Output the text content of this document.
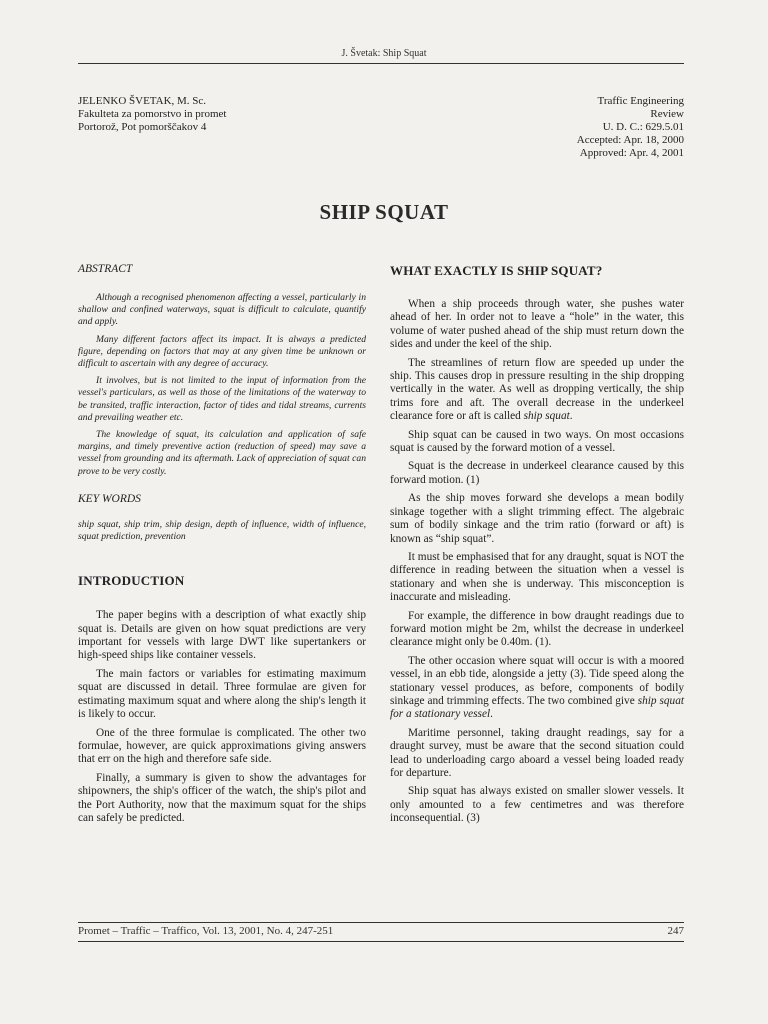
J. Švetak: Ship Squat
JELENKO ŠVETAK, M. Sc.
Fakulteta za pomorstvo in promet
Portorož, Pot pomorščakov 4
Traffic Engineering
Review
U. D. C.: 629.5.01
Accepted: Apr. 18, 2000
Approved: Apr. 4, 2001
SHIP SQUAT

ABSTRACT

Although a recognised phenomenon affecting a vessel, particularly in shallow and confined waterways, squat is difficult to calculate, quantify and apply.

Many different factors affect its impact. It is always a predicted figure, depending on factors that may at any given time be unknown or difficult to ascertain with any degree of accuracy.

It involves, but is not limited to the input of information from the vessel's particulars, as well as those of the limitations of the waterway to be transited, traffic interaction, factor of tides and tidal streams, currents and prevailing weather etc.

The knowledge of squat, its calculation and application of safe margins, and timely preventive action (reduction of speed) may save a vessel from grounding and its aftermath. Lack of appreciation of squat can prove to be very costly.

KEY WORDS

ship squat, ship trim, ship design, depth of influence, width of influence, squat prediction, prevention

INTRODUCTION

The paper begins with a description of what exactly ship squat is. Details are given on how squat predictions are very important for vessels with large DWT like supertankers or high-speed ships like container vessels.

The main factors or variables for estimating maximum squat are discussed in detail. Three formulae are given for estimating maximum squat and where along the ship's length it is likely to occur.

One of the three formulae is complicated. The other two formulae, however, are quick approximations giving answers that err on the high and therefore safe side.

Finally, a summary is given to show the advantages for shipowners, the ship's officer of the watch, the ship's pilot and the Port Authority, now that the maximum squat for the ships can safely be predicted.

WHAT EXACTLY IS SHIP SQUAT?

When a ship proceeds through water, she pushes water ahead of her. In order not to leave a “hole” in the water, this volume of water pushed ahead of the ship must return down the sides and under the keel of the ship.

The streamlines of return flow are speeded up under the ship. This causes drop in pressure resulting in the ship dropping vertically in the water. As well as dropping vertically, the ship trims fore and aft. The overall decrease in the underkeel clearance fore or aft is called ship squat.

Ship squat can be caused in two ways. On most occasions squat is caused by the forward motion of a vessel.

Squat is the decrease in underkeel clearance caused by this forward motion. (1)

As the ship moves forward she develops a mean bodily sinkage together with a slight trimming effect. The algebraic sum of bodily sinkage and the trim ratio (forward or aft) is known as “ship squat”.

It must be emphasised that for any draught, squat is NOT the difference in reading between the situation when a vessel is stationary and when she is underway. This misconception is inaccurate and misleading.

For example, the difference in bow draught readings due to forward motion might be 2m, whilst the decrease in underkeel clearance might only be 0.40m. (1).

The other occasion where squat will occur is with a moored vessel, in an ebb tide, alongside a jetty (3). Tide speed along the stationary vessel produces, as before, components of bodily sinkage and trimming effects. The two combined give ship squat for a stationary vessel.

Maritime personnel, taking draught readings, say for a draught survey, must be aware that the second situation could lead to underloading cargo aboard a vessel being loaded ready for departure.

Ship squat has always existed on smaller slower vessels. It only amounted to a few centimetres and was therefore inconsequential. (3)

Promet – Traffic – Traffico, Vol. 13, 2001, No. 4, 247-251	247
